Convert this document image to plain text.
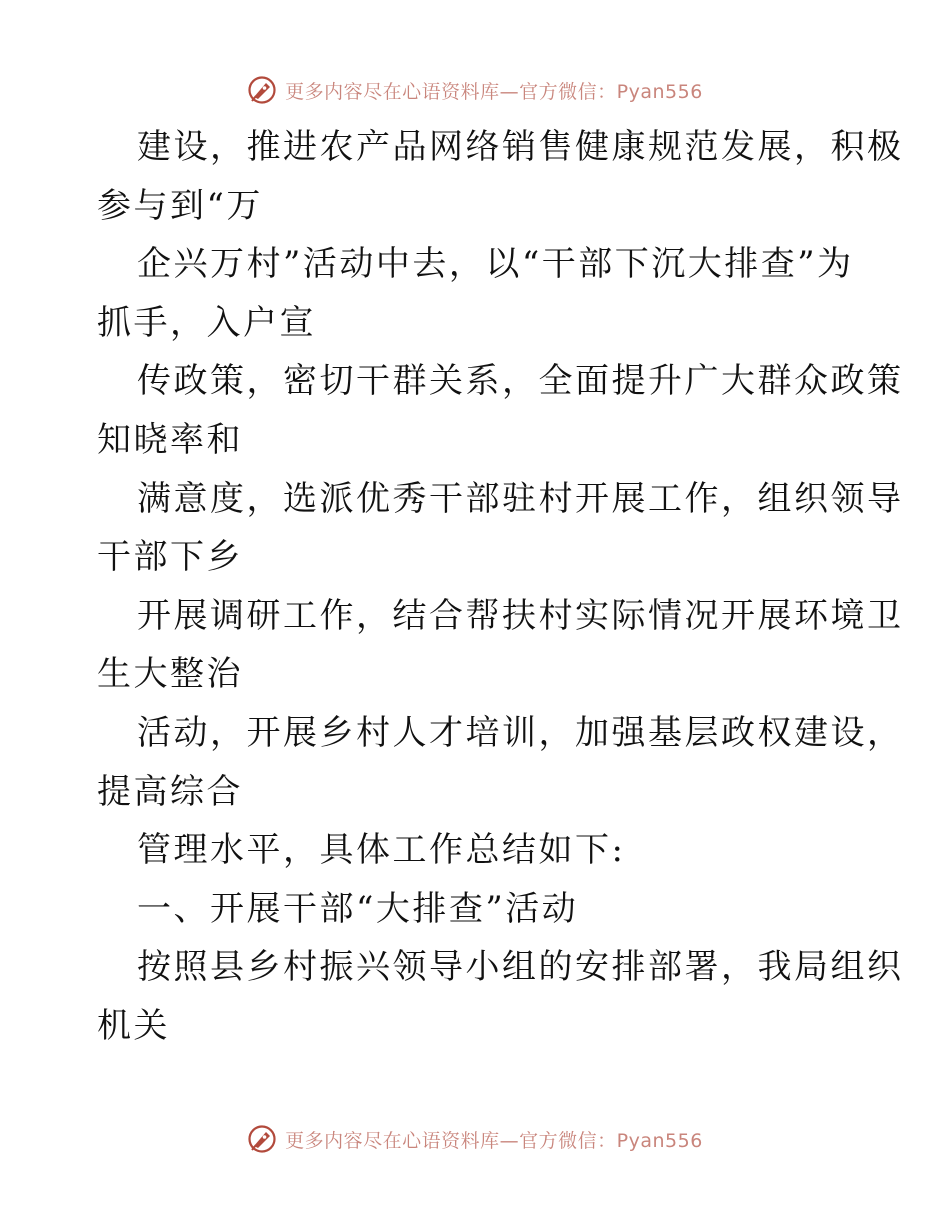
更多内容尽在心语资料库—官方微信：Pyan556
建设，推进农产品网络销售健康规范发展，积极
参与到“万
企兴万村”活动中去，以“干部下沉大排查”为
抓手，入户宣
传政策，密切干群关系，全面提升广大群众政策
知晓率和
满意度，选派优秀干部驻村开展工作，组织领导
干部下乡
开展调研工作，结合帮扶村实际情况开展环境卫
生大整治
活动，开展乡村人才培训，加强基层政权建设，
提高综合
管理水平，具体工作总结如下:
一、开展干部“大排查”活动
按照县乡村振兴领导小组的安排部署，我局组织
机关
更多内容尽在心语资料库—官方微信：Pyan556
